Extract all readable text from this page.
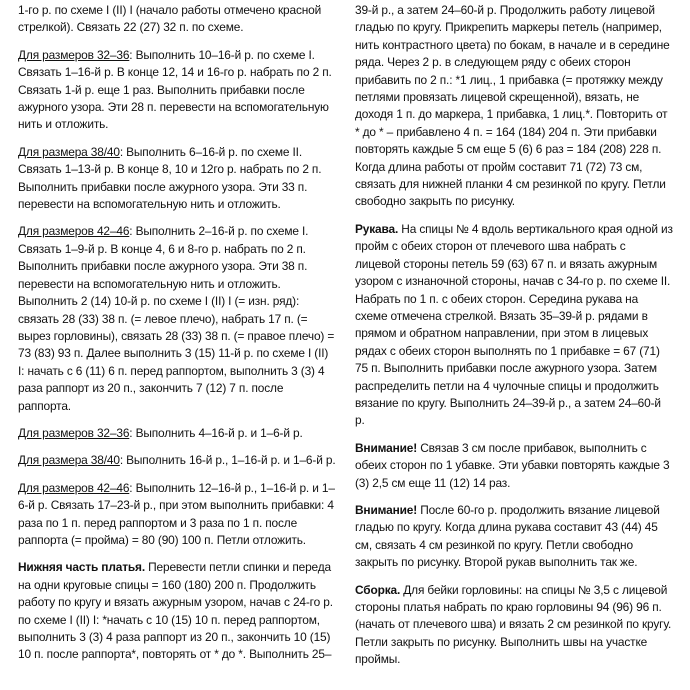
1-го р. по схеме I (II) I (начало работы отмечено красной стрелкой). Связать 22 (27) 32 п. по схеме.

Для размеров 32–36: Выполнить 10–16-й р. по схеме I. Связать 1–16-й р. В конце 12, 14 и 16-го р. набрать по 2 п. Связать 1-й р. еще 1 раз. Выполнить прибавки после ажурного узора. Эти 28 п. перевести на вспомогательную нить и отложить.

Для размера 38/40: Выполнить 6–16-й р. по схеме II. Связать 1–13-й р. В конце 8, 10 и 12го р. набрать по 2 п. Выполнить прибавки после ажурного узора. Эти 33 п. перевести на вспомогательную нить и отложить.

Для размеров 42–46: Выполнить 2–16-й р. по схеме I. Связать 1–9-й р. В конце 4, 6 и 8-го р. набрать по 2 п. Выполнить прибавки после ажурного узора. Эти 38 п. перевести на вспомогательную нить и отложить. Выполнить 2 (14) 10-й р. по схеме I (II) I (= изн. ряд): связать 28 (33) 38 п. (= левое плечо), набрать 17 п. (= вырез горловины), связать 28 (33) 38 п. (= правое плечо) = 73 (83) 93 п. Далее выполнить 3 (15) 11-й р. по схеме I (II) I: начать с 6 (11) 6 п. перед раппортом, выполнить 3 (3) 4 раза раппорт из 20 п., закончить 7 (12) 7 п. после раппорта.

Для размеров 32–36: Выполнить 4–16-й р. и 1–6-й р.

Для размера 38/40: Выполнить 16-й р., 1–16-й р. и 1–6-й р.

Для размеров 42–46: Выполнить 12–16-й р., 1–16-й р. и 1–6-й р. Связать 17–23-й р., при этом выполнить прибавки: 4 раза по 1 п. перед раппортом и 3 раза по 1 п. после раппорта (= пройма) = 80 (90) 100 п. Петли отложить.

Нижняя часть платья. Перевести петли спинки и переда на одни круговые спицы = 160 (180) 200 п. Продолжить работу по кругу и вязать ажурным узором, начав с 24-го р. по схеме I (II) I: *начать с 10 (15) 10 п. перед раппортом, выполнить 3 (3) 4 раза раппорт из 20 п., закончить 10 (15) 10 п. после раппорта*, повторять от * до *. Выполнить 25–

39-й р., а затем 24–60-й р. Продолжить работу лицевой гладью по кругу. Прикрепить маркеры петель (например, нить контрастного цвета) по бокам, в начале и в середине ряда. Через 2 р. в следующем ряду с обеих сторон прибавить по 2 п.: *1 лиц., 1 прибавка (= протяжку между петлями провязать лицевой скрещенной), вязать, не доходя 1 п. до маркера, 1 прибавка, 1 лиц.*. Повторить от * до * – прибавлено 4 п. = 164 (184) 204 п. Эти прибавки повторять каждые 5 см еще 5 (6) 6 раз = 184 (208) 228 п. Когда длина работы от пройм составит 71 (72) 73 см, связать для нижней планки 4 см резинкой по кругу. Петли свободно закрыть по рисунку.

Рукава. На спицы № 4 вдоль вертикального края одной из пройм с обеих сторон от плечевого шва набрать с лицевой стороны петель 59 (63) 67 п. и вязать ажурным узором с изнаночной стороны, начав с 34-го р. по схеме II. Набрать по 1 п. с обеих сторон. Середина рукава на схеме отмечена стрелкой. Вязать 35–39-й р. рядами в прямом и обратном направлении, при этом в лицевых рядах с обеих сторон выполнять по 1 прибавке = 67 (71) 75 п. Выполнить прибавки после ажурного узора. Затем распределить петли на 4 чулочные спицы и продолжить вязание по кругу. Выполнить 24–39-й р., а затем 24–60-й р.

Внимание! Связав 3 см после прибавок, выполнить с обеих сторон по 1 убавке. Эти убавки повторять каждые 3 (3) 2,5 см еще 11 (12) 14 раз.

Внимание! После 60-го р. продолжить вязание лицевой гладью по кругу. Когда длина рукава составит 43 (44) 45 см, связать 4 см резинкой по кругу. Петли свободно закрыть по рисунку. Второй рукав выполнить так же.

Сборка. Для бейки горловины: на спицы № 3,5 с лицевой стороны платья набрать по краю горловины 94 (96) 96 п. (начать от плечевого шва) и вязать 2 см резинкой по кругу. Петли закрыть по рисунку. Выполнить швы на участке проймы.
